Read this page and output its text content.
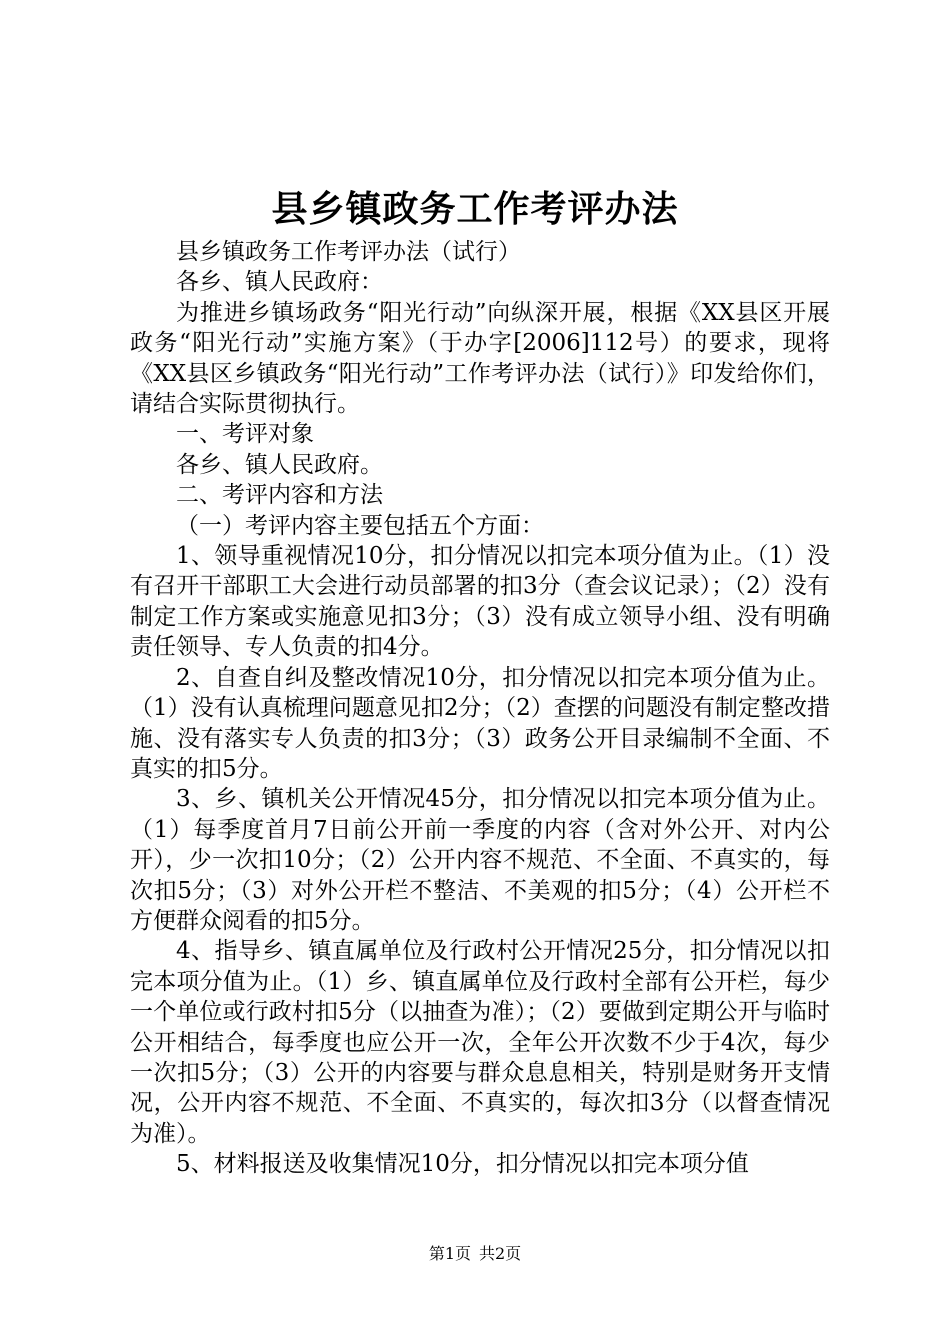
县乡镇政务工作考评办法

县乡镇政务工作考评办法（试行）

各乡、镇人民政府：

为推进乡镇场政务“阳光行动”向纵深开展，根据《XX县区开展政务“阳光行动”实施方案》（于办字[2006]112号）的要求，现将《XX县区乡镇政务“阳光行动”工作考评办法（试行）》印发给你们，请结合实际贯彻执行。

一、考评对象

各乡、镇人民政府。

二、考评内容和方法

（一）考评内容主要包括五个方面：

1、领导重视情况10分，扣分情况以扣完本项分值为止。（1）没有召开干部职工大会进行动员部署的扣3分（查会议记录）；（2）没有制定工作方案或实施意见扣3分；（3）没有成立领导小组、没有明确责任领导、专人负责的扣4分。

2、自查自纠及整改情况10分，扣分情况以扣完本项分值为止。（1）没有认真梳理问题意见扣2分；（2）查摆的问题没有制定整改措施、没有落实专人负责的扣3分；（3）政务公开目录编制不全面、不真实的扣5分。

3、乡、镇机关公开情况45分，扣分情况以扣完本项分值为止。（1）每季度首月7日前公开前一季度的内容（含对外公开、对内公开），少一次扣10分；（2）公开内容不规范、不全面、不真实的，每次扣5分；（3）对外公开栏不整洁、不美观的扣5分；（4）公开栏不方便群众阅看的扣5分。

4、指导乡、镇直属单位及行政村公开情况25分，扣分情况以扣完本项分值为止。（1）乡、镇直属单位及行政村全部有公开栏，每少一个单位或行政村扣5分（以抽查为准）；（2）要做到定期公开与临时公开相结合，每季度也应公开一次，全年公开次数不少于4次，每少一次扣5分；（3）公开的内容要与群众息息相关，特别是财务开支情况，公开内容不规范、不全面、不真实的，每次扣3分（以督查情况为准）。

5、材料报送及收集情况10分，扣分情况以扣完本项分值

第1页 共2页
